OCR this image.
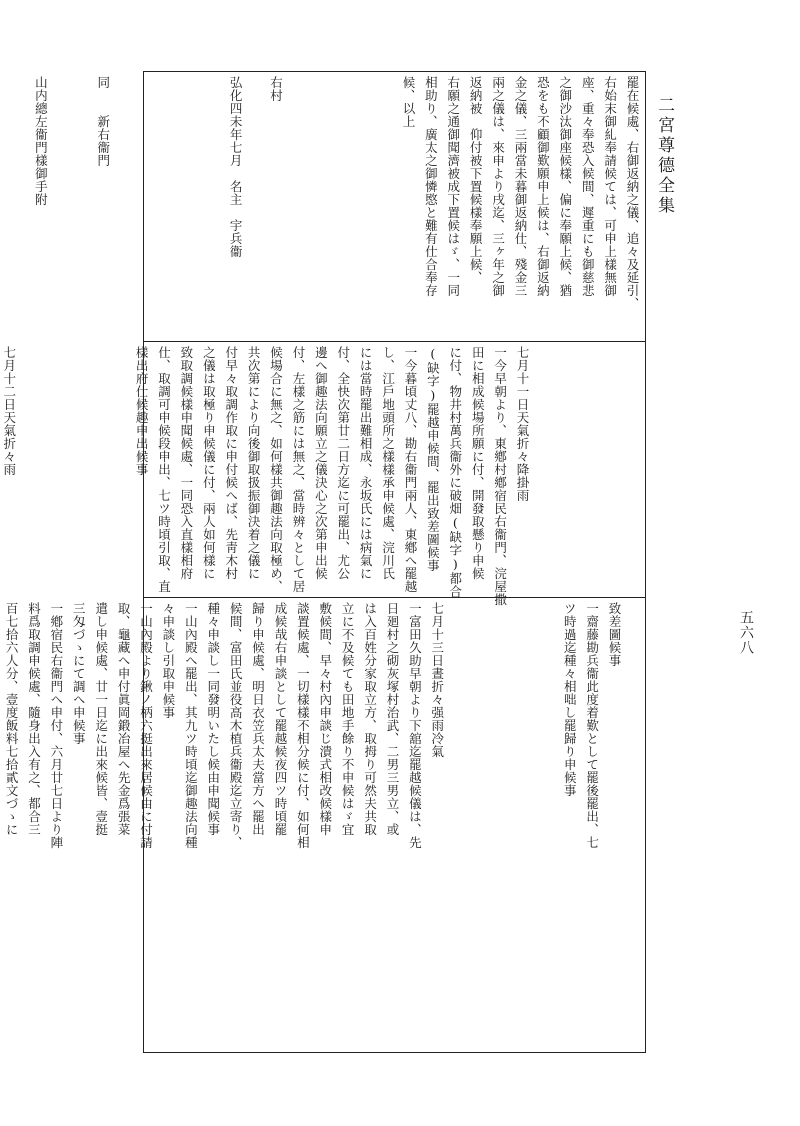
二宮尊德全集
五六八
罷在候處、右御返納之儀、追々及延引、
右始末御糺奉請候ては、可申上樣無御
座、重々奉恐入候間、遲重にも御慈悲
之御沙汰御座候樣、偏に奉願上候、猶
恐をも不顧御歎願申上候は、右御返納
金之儀、三兩當未暮御返納仕、殘金三
兩之儀は、來申より戌迄、三ヶ年之御
返納被　仰付被下置候樣奉願上候、
右願之通御聞濟被成下置候はゞ、一同
相助り、廣太之御憐愍と難有仕合奉存
候、以上
右村
弘化四未年七月　名主　宇兵衞
同　　新右衞門
山内總左衞門樣御手附
七月十一日天氣折々降掛雨
一今早朝より、東鄕村鄕宿民右衞門、浣屋撒
田に相成候場所願に付、開發取懸り申候
に付、物井村萬兵衞外に破畑(缺字)都合
(缺字)罷越申候間、罷出致差圖候事
一今暮頃丈八、勘右衞門兩人、東鄕へ罷越
し、江戶地頭所之樣樣承申候處、浣川氏
には當時罷出難相成、永坂氏には病氣に
付、全快次第廿二日方迄に可罷出、尤公
邊へ御趣法向願立之儀決心之次第申出候
付、左樣之筋には無之、當時辨々として居
候場合に無之、如何樣共御趣法向取極め、
共次第により向後御取扱振御決着之儀に
付早々取調作取に申付候へば、先靑木村
之儀は取極り申候儀に付、兩人如何樣に
致取調候樣申聞候處、一同恐入直樣相府
仕、取調可申候段申出、七ツ時頃引取、直
樣出府仕候趣申出候事
七月十二日天氣折々雨
致差圖候事
一齋藤勘兵衞此度着歎として罷後罷出、七
ツ時過迄種々相咄し罷歸り申候事
七月十三日晝折々强雨冷氣
一富田久助早朝より下舘迄罷越候儀は、先
日廻村之砌灰塚村治武、二男三男立、或
は入百姓分家取立方、取拇り可然夫共取
立に不及候ても田地手餘り不申候はゞ宜
敷候間、早々村內申談じ潰式相改候樣申
談置候處、一切樣樣不相分候に付、如何相
成候哉右申談として罷越候夜四ツ時頃罷
歸り申候處、明日衣笠兵太夫當方へ罷出
候間、富田氏並役高木植兵衞殿迄立寄り、
種々申談し一同發明いたし候由申聞候事
一山內殿へ罷出、其九ツ時頃迄御趣法向種
々申談し引取申候事
一山內殿より鍬ノ柄六挺出來居候由に付請
取、龜藏へ申付眞岡鍛冶屋へ先金爲張菜
遣し申候處、廿一日迄に出來候皆、壹挺
三匁づゝにて調へ申候事
一鄕宿民右衞門へ申付、六月廿七日より陣
料爲取調申候處、隨身出入有之、都合三
百七拾六人分、壹度飯料七拾貳文づゝに
